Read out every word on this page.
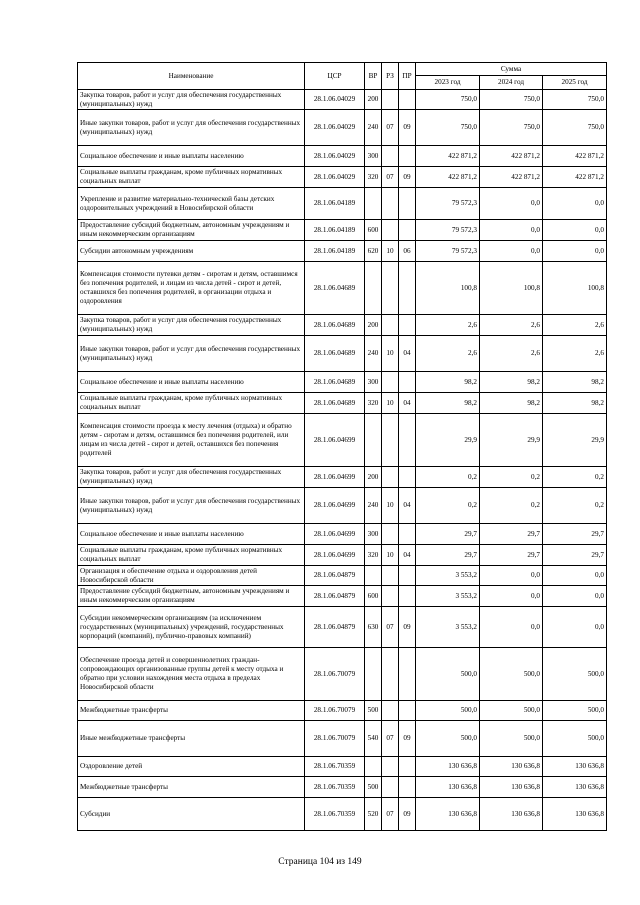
Наименование	ЦСР	ВР	РЗ	ПР	Сумма		
					2023 год	2024 год	2025 год
Закупка товаров, работ и услуг для обеспечения государственных (муниципальных) нужд	28.1.06.04029	200			750,0	750,0	750,0
Иные закупки товаров, работ и услуг для обеспечения государственных (муниципальных) нужд	28.1.06.04029	240	07	09	750,0	750,0	750,0
Социальное обеспечение и иные выплаты населению	28.1.06.04029	300			422 871,2	422 871,2	422 871,2
Социальные выплаты гражданам, кроме публичных нормативных социальных выплат	28.1.06.04029	320	07	09	422 871,2	422 871,2	422 871,2
Укрепление и развитие материально-технической базы детских оздоровительных учреждений в Новосибирской области	28.1.06.04189				79 572,3	0,0	0,0
Предоставление субсидий бюджетным, автономным учреждениям и иным некоммерческим организациям	28.1.06.04189	600			79 572,3	0,0	0,0
Субсидии автономным учреждениям	28.1.06.04189	620	10	06	79 572,3	0,0	0,0
Компенсация стоимости путевки детям - сиротам и детям, оставшимся без попечения родителей, и лицам из числа детей - сирот и детей, оставшихся без попечения родителей, в организации отдыха и оздоровления	28.1.06.04689				100,8	100,8	100,8
Закупка товаров, работ и услуг для обеспечения государственных (муниципальных) нужд	28.1.06.04689	200			2,6	2,6	2,6
Иные закупки товаров, работ и услуг для обеспечения государственных (муниципальных) нужд	28.1.06.04689	240	10	04	2,6	2,6	2,6
Социальное обеспечение и иные выплаты населению	28.1.06.04689	300			98,2	98,2	98,2
Социальные выплаты гражданам, кроме публичных нормативных социальных выплат	28.1.06.04689	320	10	04	98,2	98,2	98,2
Компенсация стоимости проезда к месту лечения (отдыха) и обратно детям - сиротам и детям, оставшимся без попечения родителей, или лицам из числа детей - сирот и детей, оставшихся без попечения родителей	28.1.06.04699				29,9	29,9	29,9
Закупка товаров, работ и услуг для обеспечения государственных (муниципальных) нужд	28.1.06.04699	200			0,2	0,2	0,2
Иные закупки товаров, работ и услуг для обеспечения государственных (муниципальных) нужд	28.1.06.04699	240	10	04	0,2	0,2	0,2
Социальное обеспечение и иные выплаты населению	28.1.06.04699	300			29,7	29,7	29,7
Социальные выплаты гражданам, кроме публичных нормативных социальных выплат	28.1.06.04699	320	10	04	29,7	29,7	29,7
Организация и обеспечение отдыха и оздоровления детей Новосибирской области	28.1.06.04879				3 553,2	0,0	0,0
Предоставление субсидий бюджетным, автономным учреждениям и иным некоммерческим организациям	28.1.06.04879	600			3 553,2	0,0	0,0
Субсидии некоммерческим организациям (за исключением государственных (муниципальных) учреждений, государственных корпораций (компаний), публично-правовых компаний)	28.1.06.04879	630	07	09	3 553,2	0,0	0,0
Обеспечение проезда детей и совершеннолетних граждан-сопровождающих организованные группы детей к месту отдыха и обратно при условии нахождения места отдыха в пределах Новосибирской области	28.1.06.70079				500,0	500,0	500,0
Межбюджетные трансферты	28.1.06.70079	500			500,0	500,0	500,0
Иные межбюджетные трансферты	28.1.06.70079	540	07	09	500,0	500,0	500,0
Оздоровление детей	28.1.06.70359				130 636,8	130 636,8	130 636,8
Межбюджетные трансферты	28.1.06.70359	500			130 636,8	130 636,8	130 636,8
Субсидии	28.1.06.70359	520	07	09	130 636,8	130 636,8	130 636,8
Страница 104 из 149
